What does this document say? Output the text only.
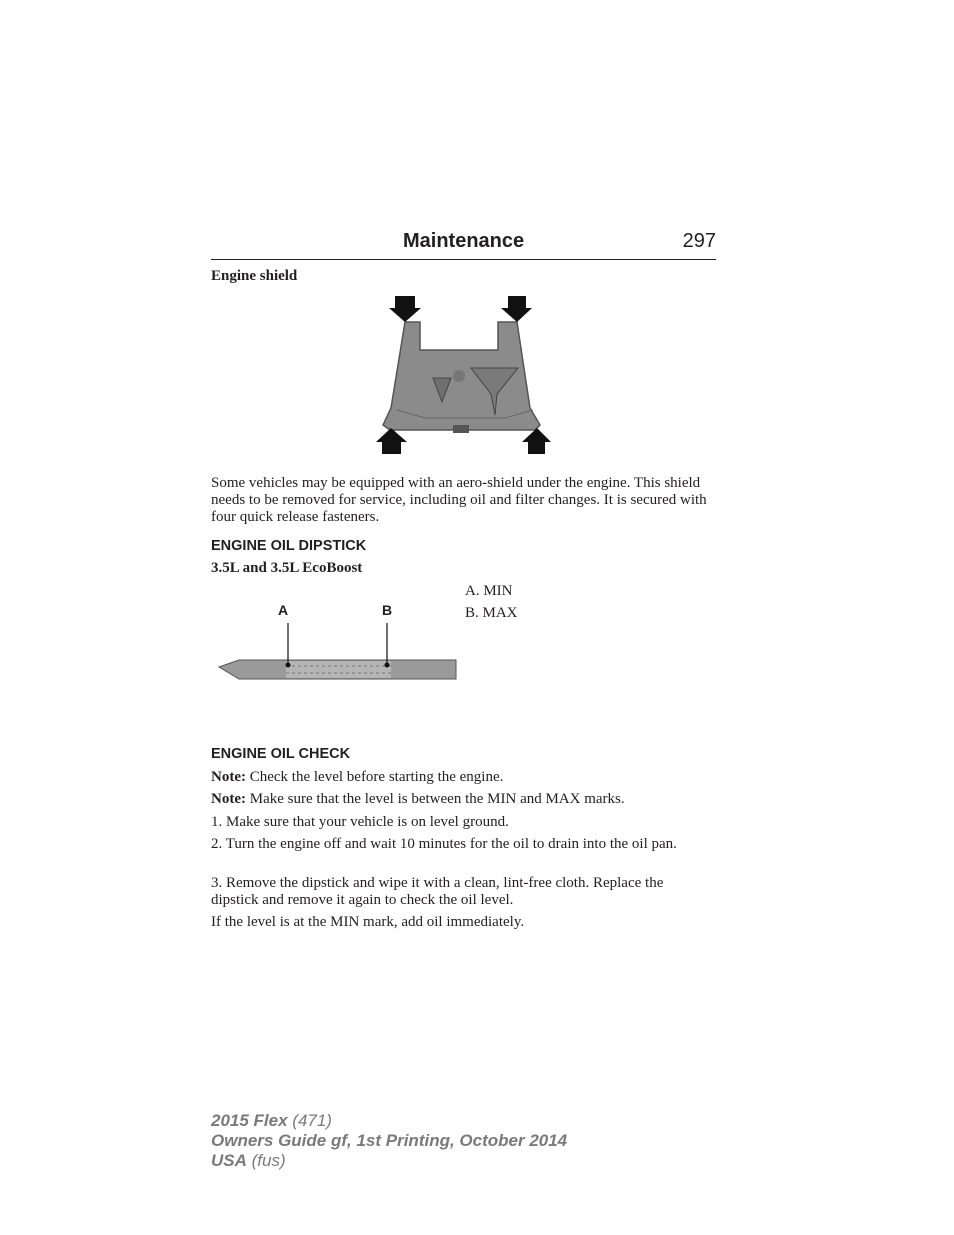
Maintenance	297
Engine shield
Some vehicles may be equipped with an aero-shield under the engine. This shield needs to be removed for service, including oil and filter changes. It is secured with four quick release fasteners.
ENGINE OIL DIPSTICK
3.5L and 3.5L EcoBoost
A	B
A. MIN
B. MAX
ENGINE OIL CHECK
Note: Check the level before starting the engine.
Note: Make sure that the level is between the MIN and MAX marks.
1. Make sure that your vehicle is on level ground.
2. Turn the engine off and wait 10 minutes for the oil to drain into the oil pan.
3. Remove the dipstick and wipe it with a clean, lint-free cloth. Replace the dipstick and remove it again to check the oil level.
If the level is at the MIN mark, add oil immediately.
2015 Flex (471)
Owners Guide gf, 1st Printing, October 2014
USA (fus)
